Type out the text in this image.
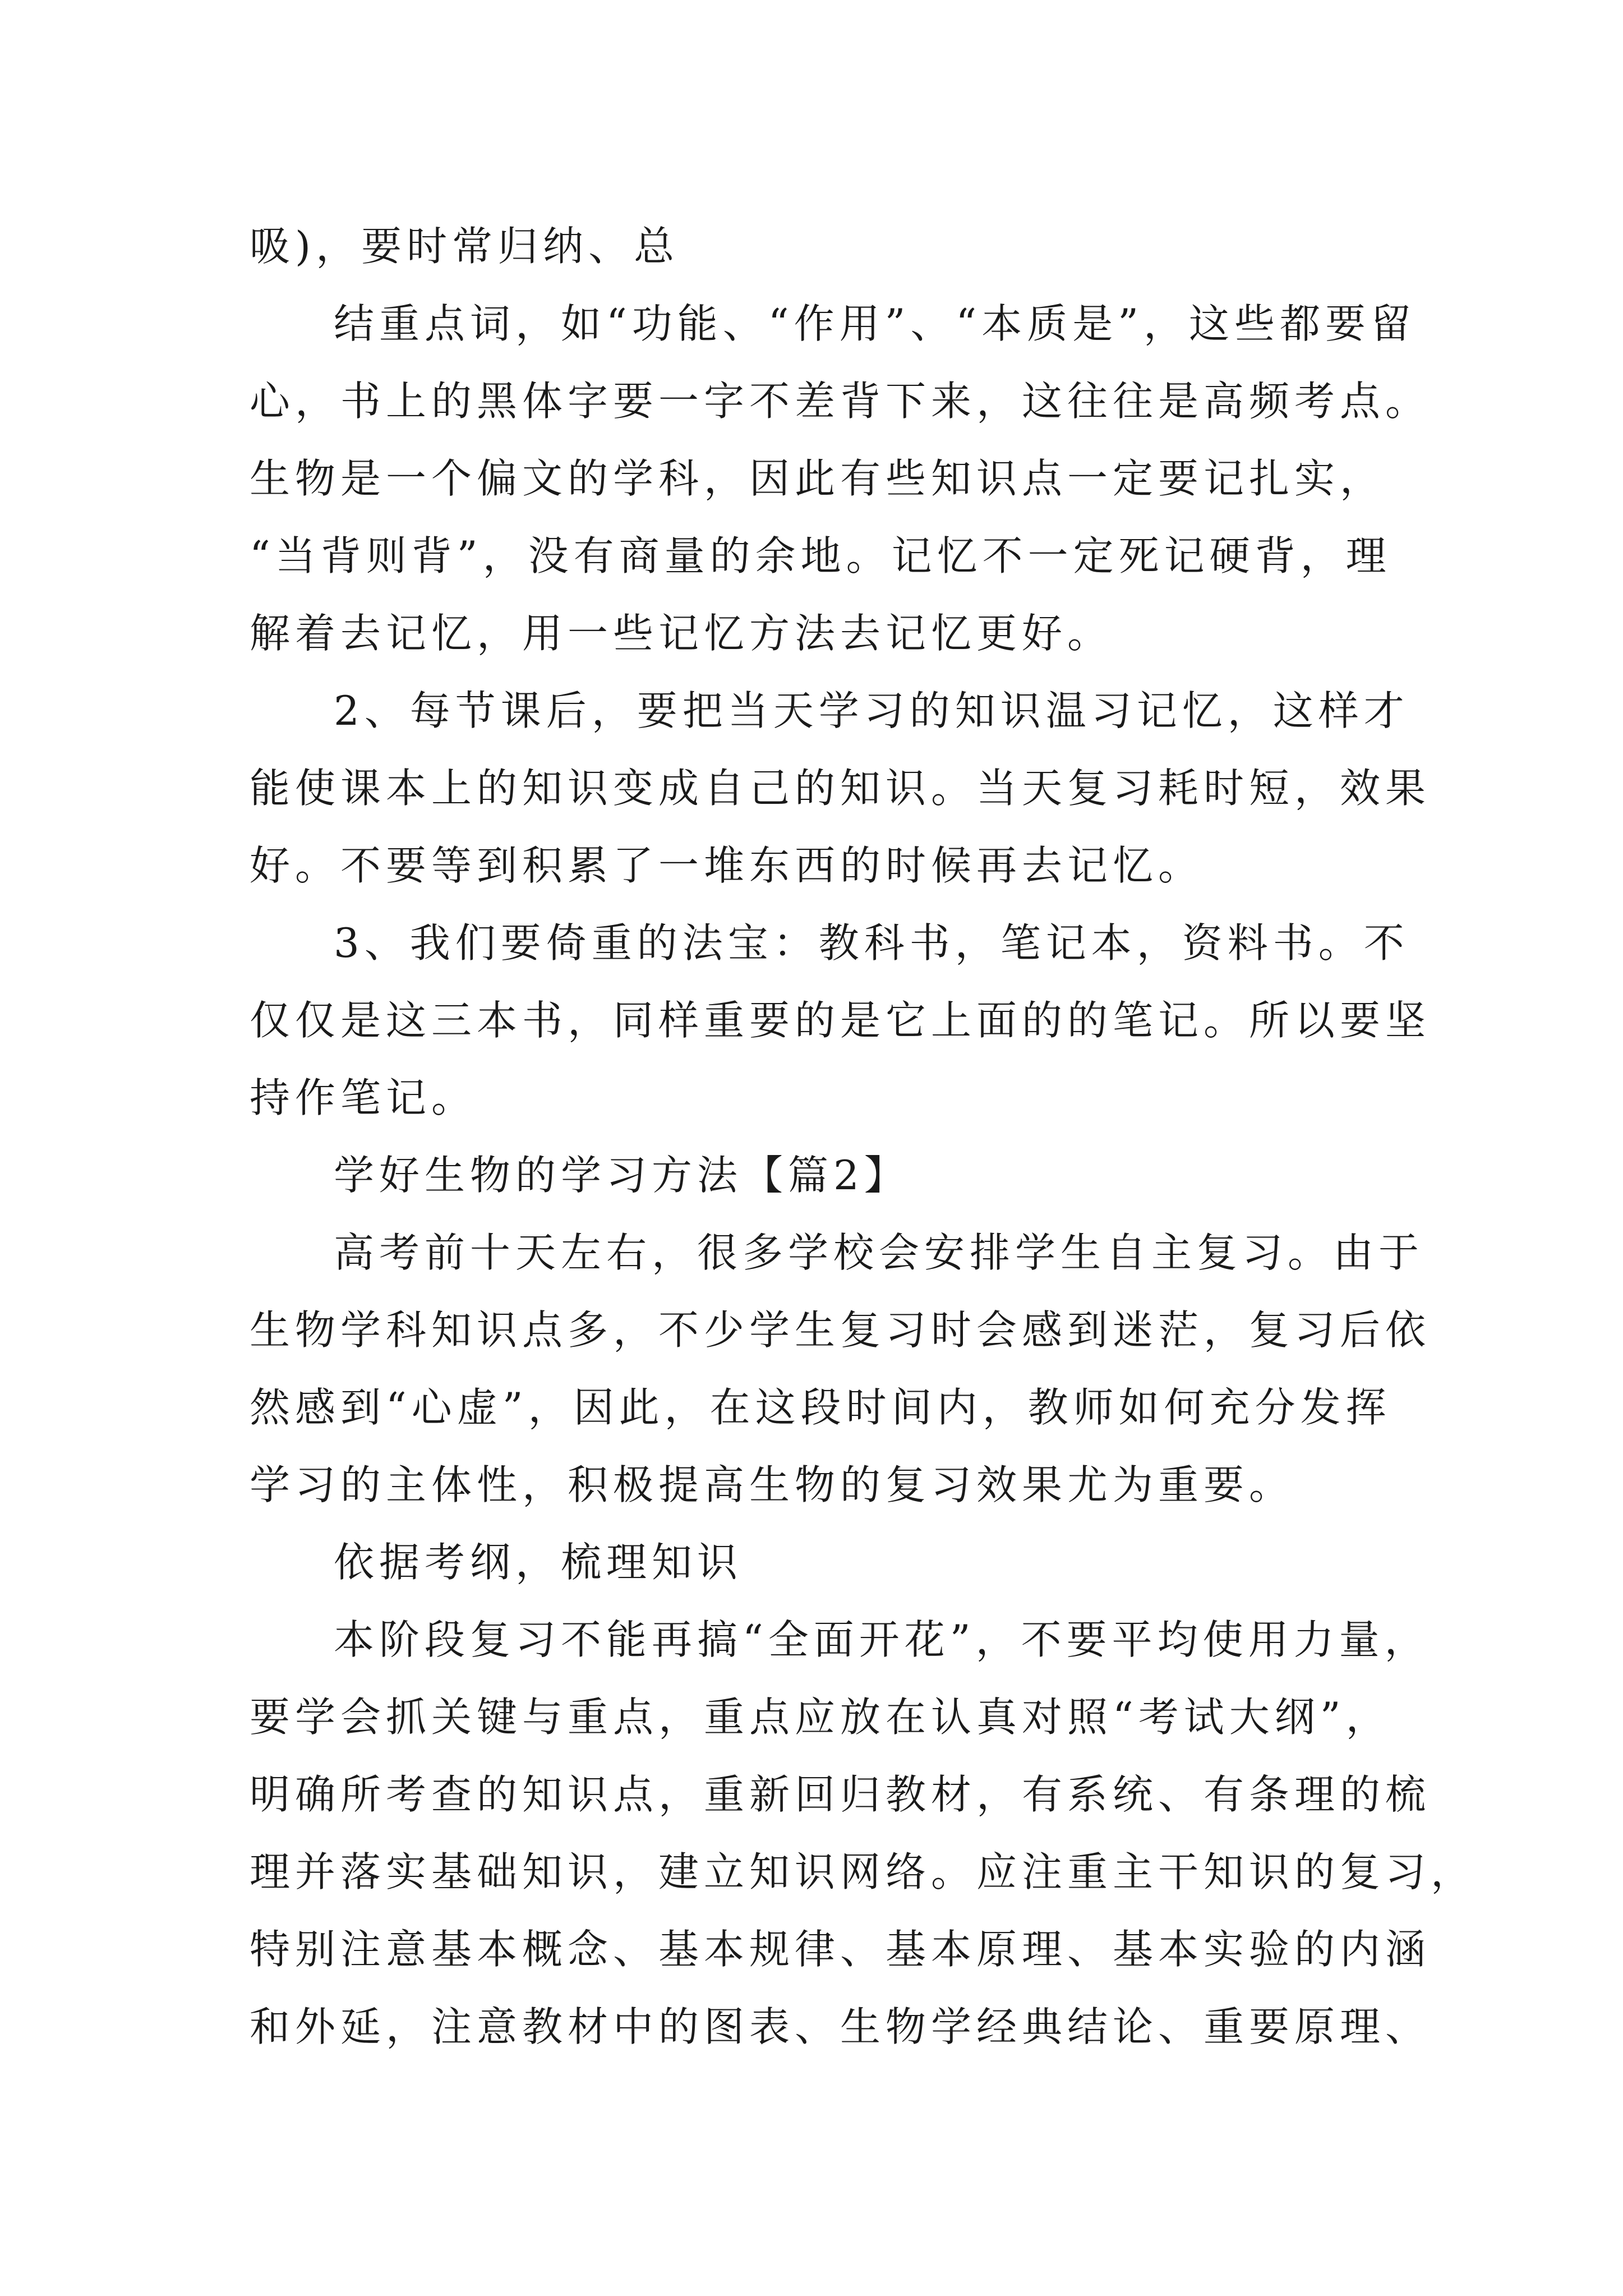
吸)，要时常归纳、总
结重点词，如“功能、“作用”、“本质是”，这些都要留
心，书上的黑体字要一字不差背下来，这往往是高频考点。
生物是一个偏文的学科，因此有些知识点一定要记扎实，
“当背则背”，没有商量的余地。记忆不一定死记硬背，理
解着去记忆，用一些记忆方法去记忆更好。
2、每节课后，要把当天学习的知识温习记忆，这样才
能使课本上的知识变成自己的知识。当天复习耗时短，效果
好。不要等到积累了一堆东西的时候再去记忆。
3、我们要倚重的法宝：教科书，笔记本，资料书。不
仅仅是这三本书，同样重要的是它上面的的笔记。所以要坚
持作笔记。
学好生物的学习方法【篇2】
高考前十天左右，很多学校会安排学生自主复习。由于
生物学科知识点多，不少学生复习时会感到迷茫，复习后依
然感到“心虚”，因此，在这段时间内，教师如何充分发挥
学习的主体性，积极提高生物的复习效果尤为重要。
依据考纲，梳理知识
本阶段复习不能再搞“全面开花”，不要平均使用力量，
要学会抓关键与重点，重点应放在认真对照“考试大纲”，
明确所考查的知识点，重新回归教材，有系统、有条理的梳
理并落实基础知识，建立知识网络。应注重主干知识的复习，
特别注意基本概念、基本规律、基本原理、基本实验的内涵
和外延，注意教材中的图表、生物学经典结论、重要原理、
